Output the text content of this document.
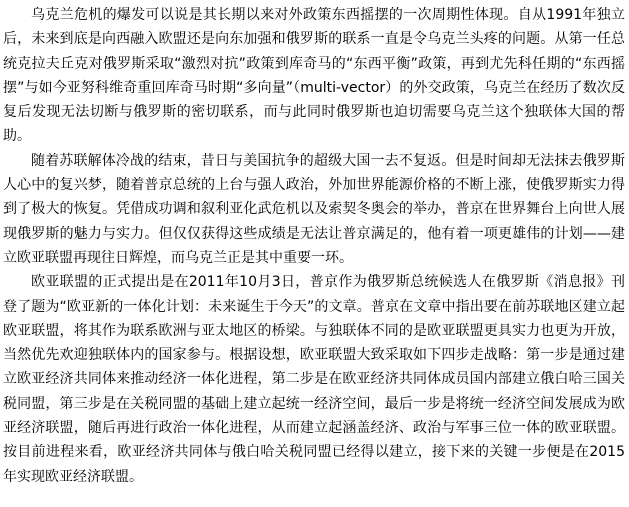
乌克兰危机的爆发可以说是其长期以来对外政策东西摇摆的一次周期性体现。自从1991年独立后，未来到底是向西融入欧盟还是向东加强和俄罗斯的联系一直是令乌克兰头疼的问题。从第一任总统克拉夫丘克对俄罗斯采取“激烈对抗”政策到库奇马的“东西平衡”政策，再到尤先科任期的“东西摇摆”与如今亚努科维奇重回库奇马时期“多向量”（multi-vector）的外交政策，乌克兰在经历了数次反复后发现无法切断与俄罗斯的密切联系，而与此同时俄罗斯也迫切需要乌克兰这个独联体大国的帮助。

随着苏联解体冷战的结束，昔日与美国抗争的超级大国一去不复返。但是时间却无法抹去俄罗斯人心中的复兴梦，随着普京总统的上台与强人政治，外加世界能源价格的不断上涨，使俄罗斯实力得到了极大的恢复。凭借成功调和叙利亚化武危机以及索契冬奥会的举办，普京在世界舞台上向世人展现俄罗斯的魅力与实力。但仅仅获得这些成绩是无法让普京满足的，他有着一项更雄伟的计划——建立欧亚联盟再现往日辉煌，而乌克兰正是其中重要一环。

欧亚联盟的正式提出是在2011年10月3日，普京作为俄罗斯总统候选人在俄罗斯《消息报》刊登了题为“欧亚新的一体化计划：未来诞生于今天”的文章。普京在文章中指出要在前苏联地区建立起欧亚联盟，将其作为联系欧洲与亚太地区的桥梁。与独联体不同的是欧亚联盟更具实力也更为开放，当然优先欢迎独联体内的国家参与。根据设想，欧亚联盟大致采取如下四步走战略：第一步是通过建立欧亚经济共同体来推动经济一体化进程，第二步是在欧亚经济共同体成员国内部建立俄白哈三国关税同盟，第三步是在关税同盟的基础上建立起统一经济空间，最后一步是将统一经济空间发展成为欧亚经济联盟，随后再进行政治一体化进程，从而建立起涵盖经济、政治与军事三位一体的欧亚联盟。按目前进程来看，欧亚经济共同体与俄白哈关税同盟已经得以建立，接下来的关键一步便是在2015年实现欧亚经济联盟。
